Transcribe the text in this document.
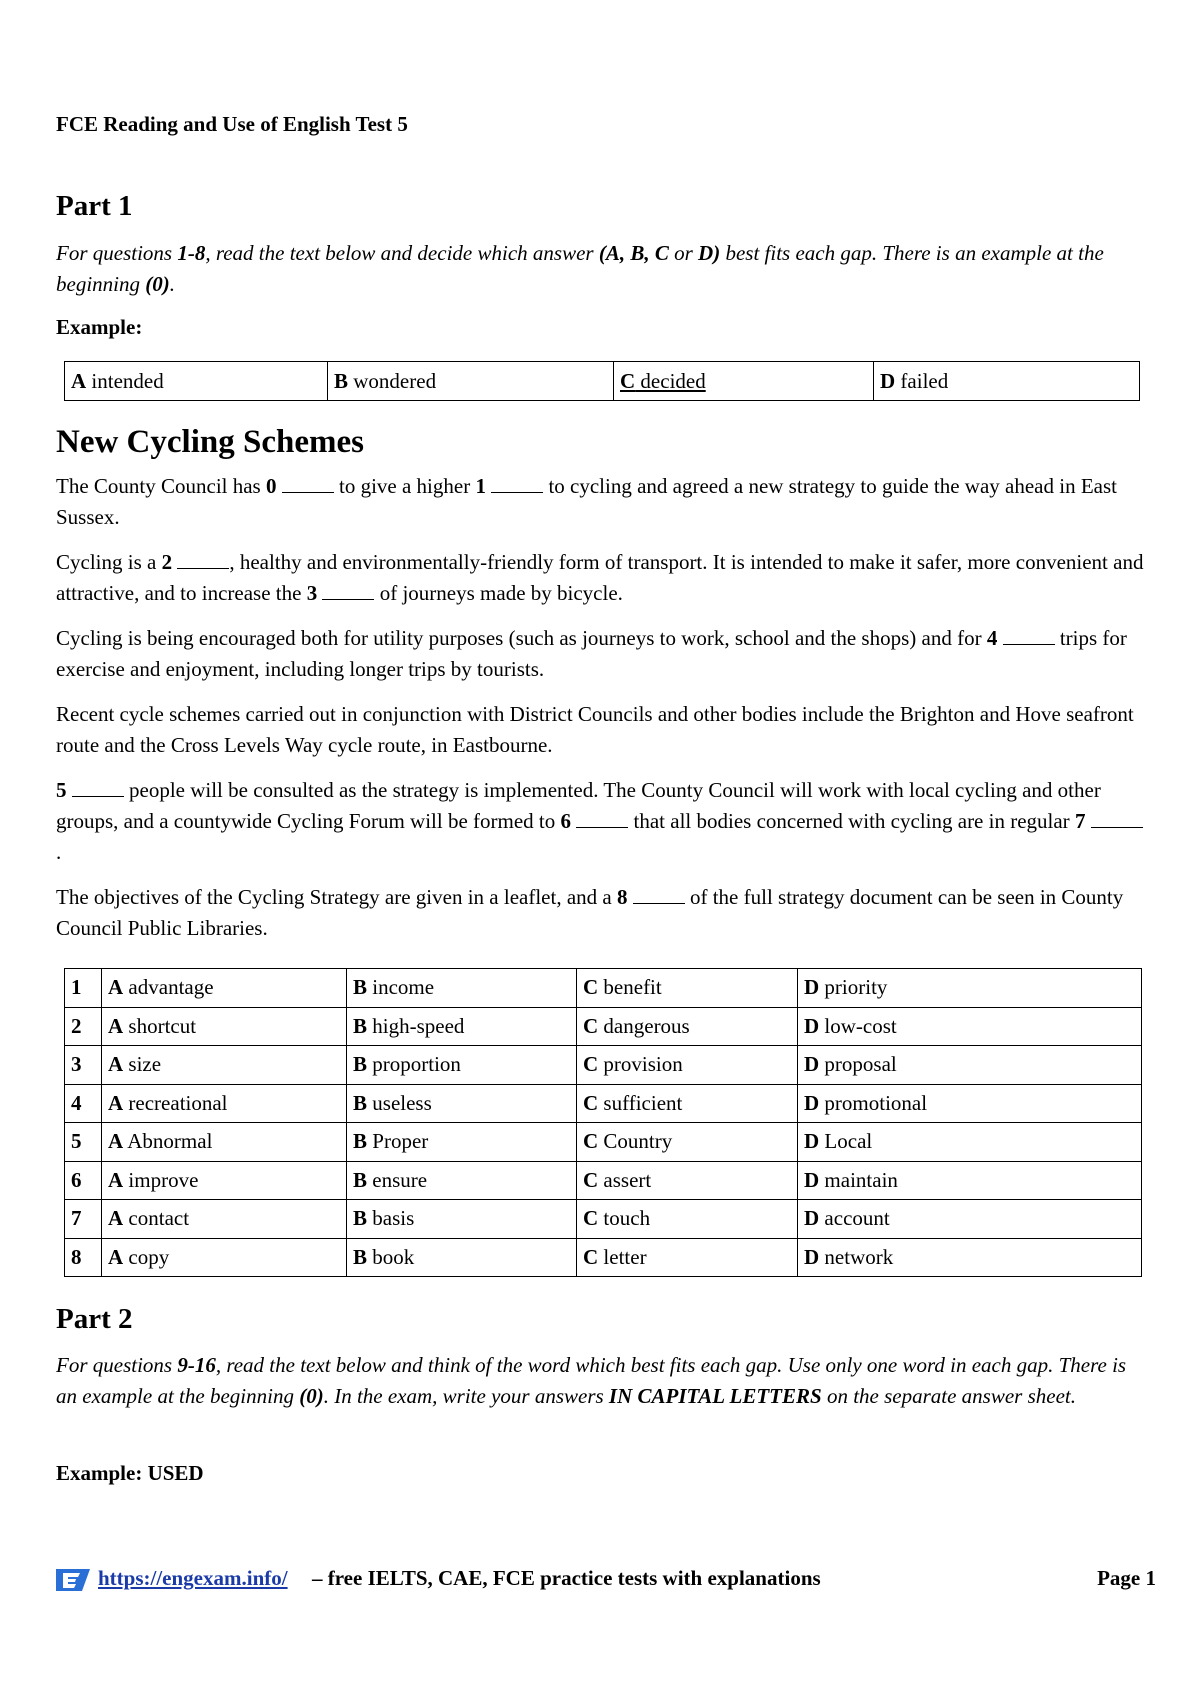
FCE Reading and Use of English Test 5

Part 1

For questions 1-8, read the text below and decide which answer (A, B, C or D) best fits each gap. There is an example at the beginning (0).

Example:

A intended	B wondered	C decided	D failed
New Cycling Schemes

The County Council has 0	to give a higher 1	to cycling and agreed a new strategy to guide the way ahead in East Sussex.

Cycling is a 2	, healthy and environmentally-friendly form of transport. It is intended to make it safer, more convenient and attractive, and to increase the 3	of journeys made by bicycle.

Cycling is being encouraged both for utility purposes (such as journeys to work, school and the shops) and for 4	trips for exercise and enjoyment, including longer trips by tourists.

Recent cycle schemes carried out in conjunction with District Councils and other bodies include the Brighton and Hove seafront route and the Cross Levels Way cycle route, in Eastbourne.

5	people will be consulted as the strategy is implemented. The County Council will work with local cycling and other groups, and a countywide Cycling Forum will be formed to 6	that all bodies concerned with cycling are in regular 7 .

The objectives of the Cycling Strategy are given in a leaflet, and a 8	of the full strategy document can be seen in County Council Public Libraries.

1	A advantage	B income	C benefit	D priority
2	A shortcut	B high-speed	C dangerous	D low-cost
3	A size	B proportion	C provision	D proposal
4	A recreational	B useless	C sufficient	D promotional
5	A Abnormal	B Proper	C Country	D Local
6	A improve	B ensure	C assert	D maintain
7	A contact	B basis	C touch	D account
8	A copy	B book	C letter	D network
Part 2

For questions 9-16, read the text below and think of the word which best fits each gap. Use only one word in each gap. There is an example at the beginning (0). In the exam, write your answers IN CAPITAL LETTERS on the separate answer sheet.

Example: USED

https://engexam.info/ – free IELTS, CAE, FCE practice tests with explanations	Page 1
